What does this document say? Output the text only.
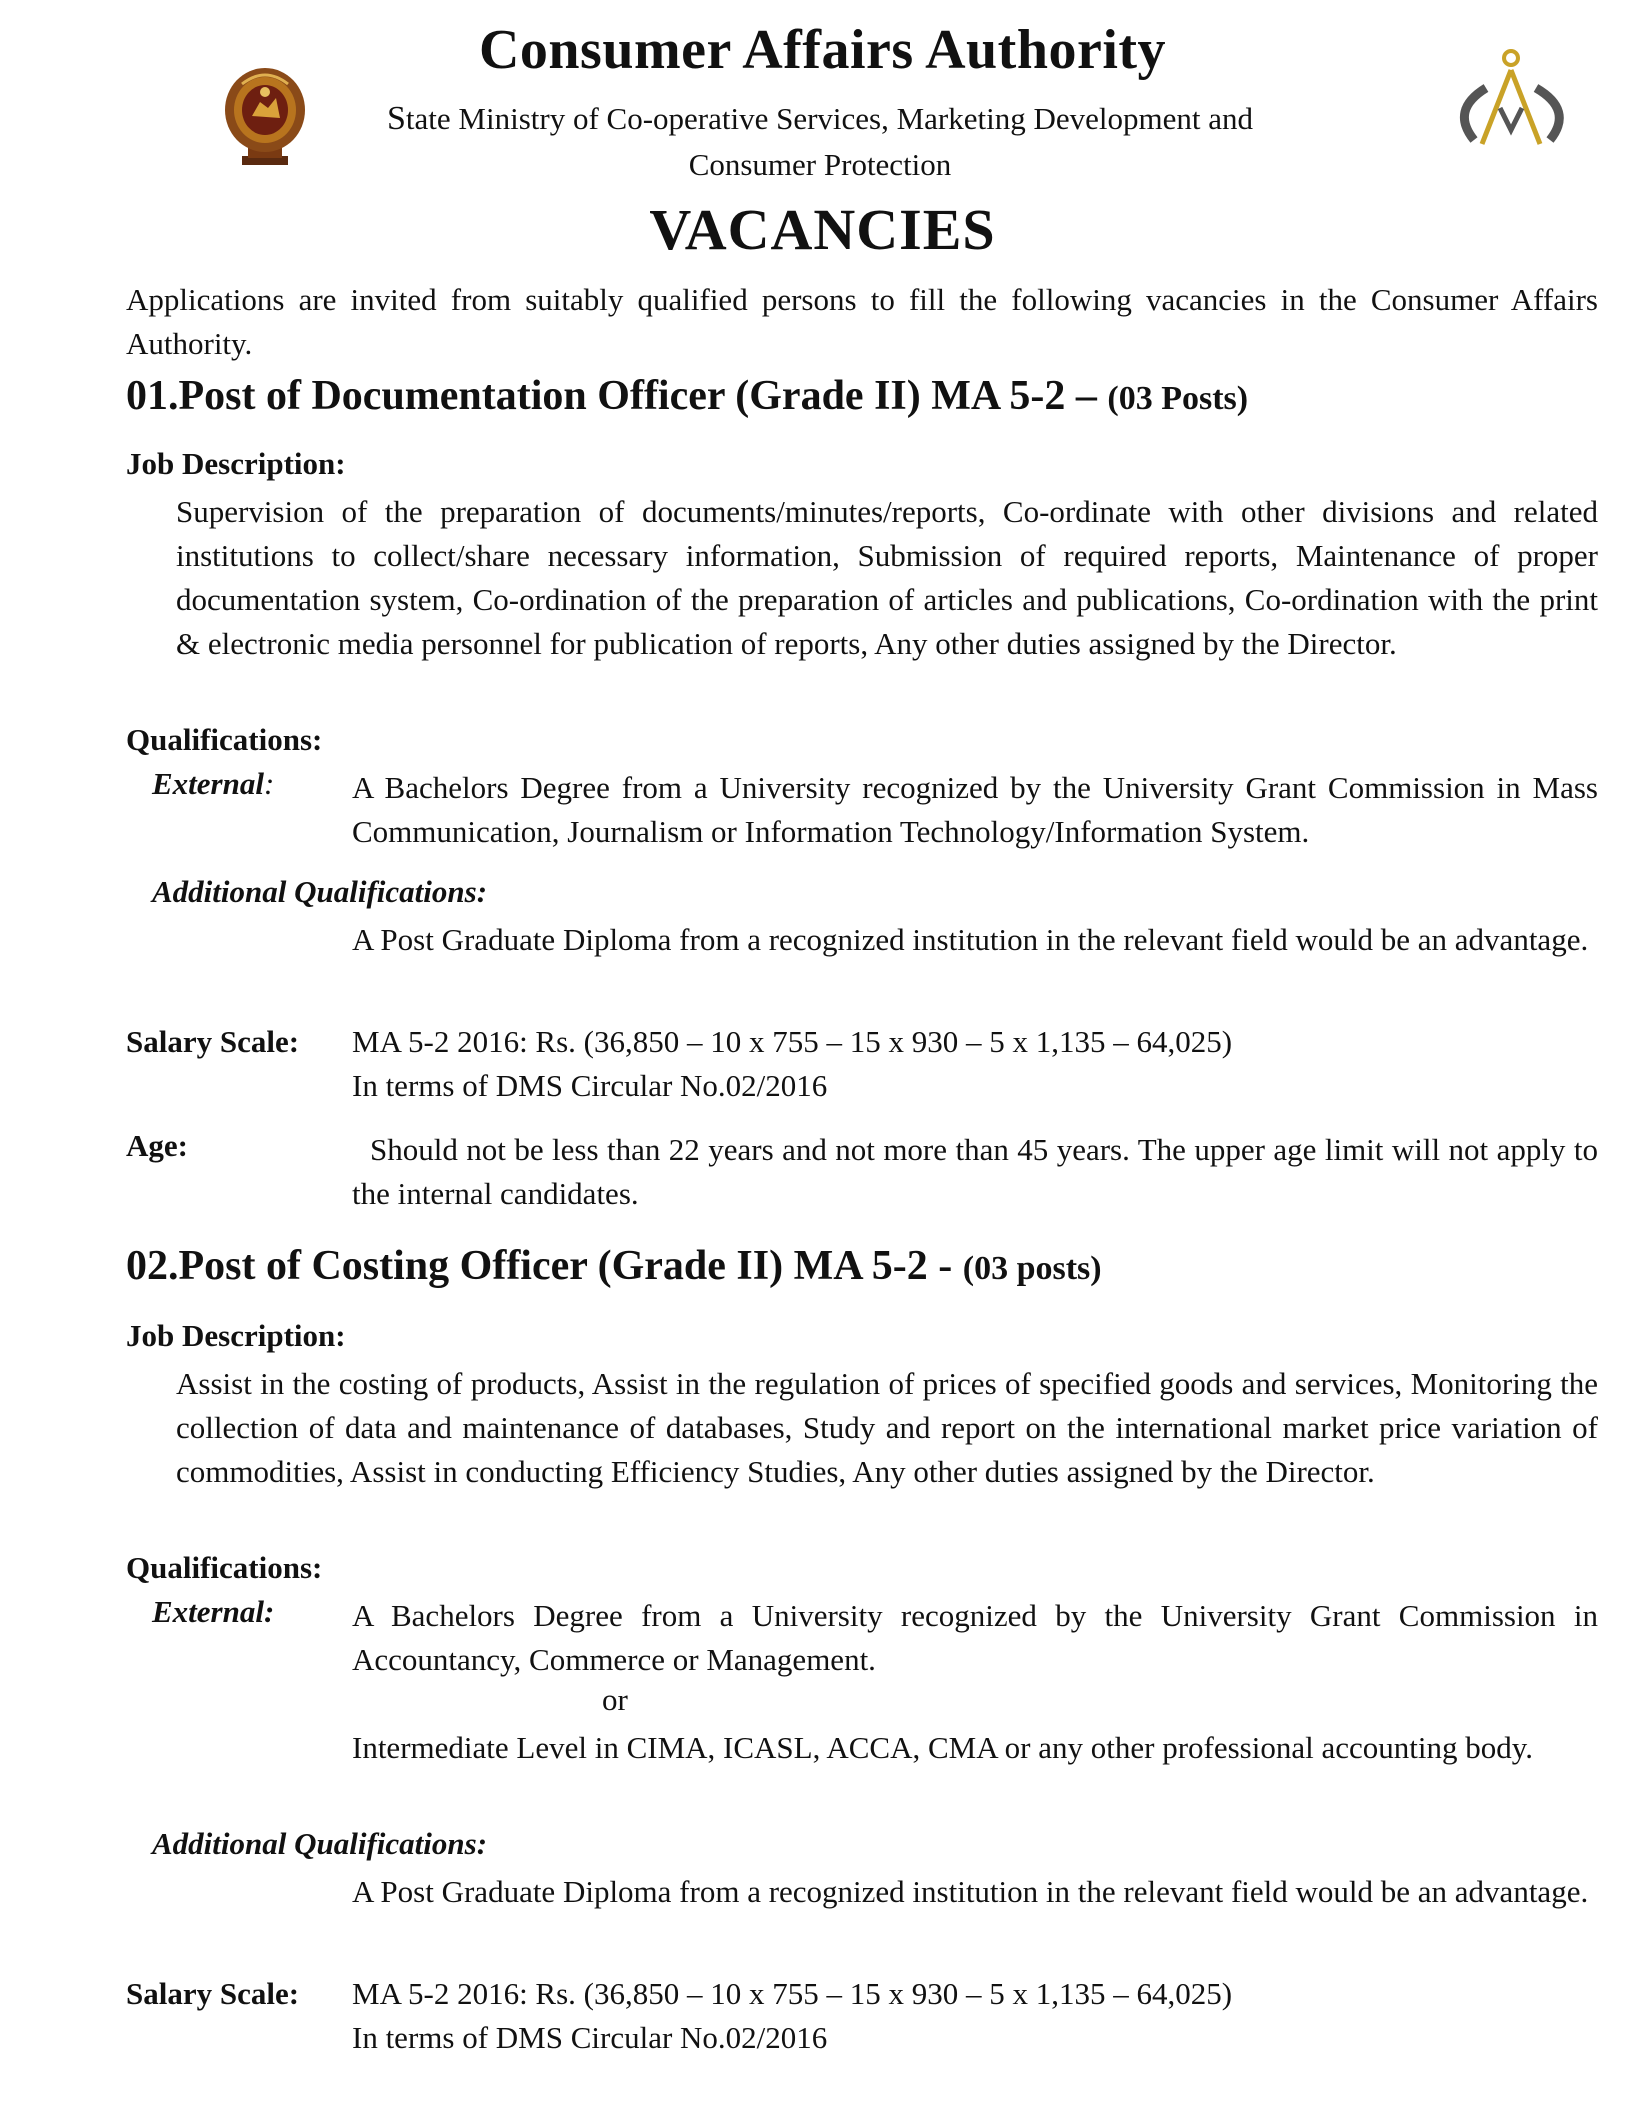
Consumer Affairs Authority
State Ministry of Co-operative Services, Marketing Development and
Consumer Protection
VACANCIES
Applications are invited from suitably qualified persons to fill the following vacancies in the Consumer Affairs Authority.
01.Post of Documentation Officer (Grade II) MA 5-2 – (03 Posts)
Job Description:
Supervision of the preparation of documents/minutes/reports, Co-ordinate with other divisions and related institutions to collect/share necessary information, Submission of required reports, Maintenance of proper documentation system, Co-ordination of the preparation of articles and publications, Co-ordination with the print & electronic media personnel for publication of reports, Any other duties assigned by the Director.
Qualifications:
External:	A Bachelors Degree from a University recognized by the University Grant Commission in Mass Communication, Journalism or Information Technology/Information System.
Additional Qualifications:
A Post Graduate Diploma from a recognized institution in the relevant field would be an advantage.
Salary Scale: MA 5-2 2016: Rs. (36,850 – 10 x 755 – 15 x 930 – 5 x 1,135 – 64,025)
In terms of DMS Circular No.02/2016
Age:	Should not be less than 22 years and not more than 45 years. The upper age limit will not apply to the internal candidates.
02.Post of Costing Officer (Grade II) MA 5-2 - (03 posts)
Job Description:
Assist in the costing of products, Assist in the regulation of prices of specified goods and services, Monitoring the collection of data and maintenance of databases, Study and report on the international market price variation of commodities, Assist in conducting Efficiency Studies, Any other duties assigned by the Director.
Qualifications:
External:	A Bachelors Degree from a University recognized by the University Grant Commission in Accountancy, Commerce or Management.
or
Intermediate Level in CIMA, ICASL, ACCA, CMA or any other professional accounting body.
Additional Qualifications:
A Post Graduate Diploma from a recognized institution in the relevant field would be an advantage.
Salary Scale: MA 5-2 2016: Rs. (36,850 – 10 x 755 – 15 x 930 – 5 x 1,135 – 64,025)
In terms of DMS Circular No.02/2016
